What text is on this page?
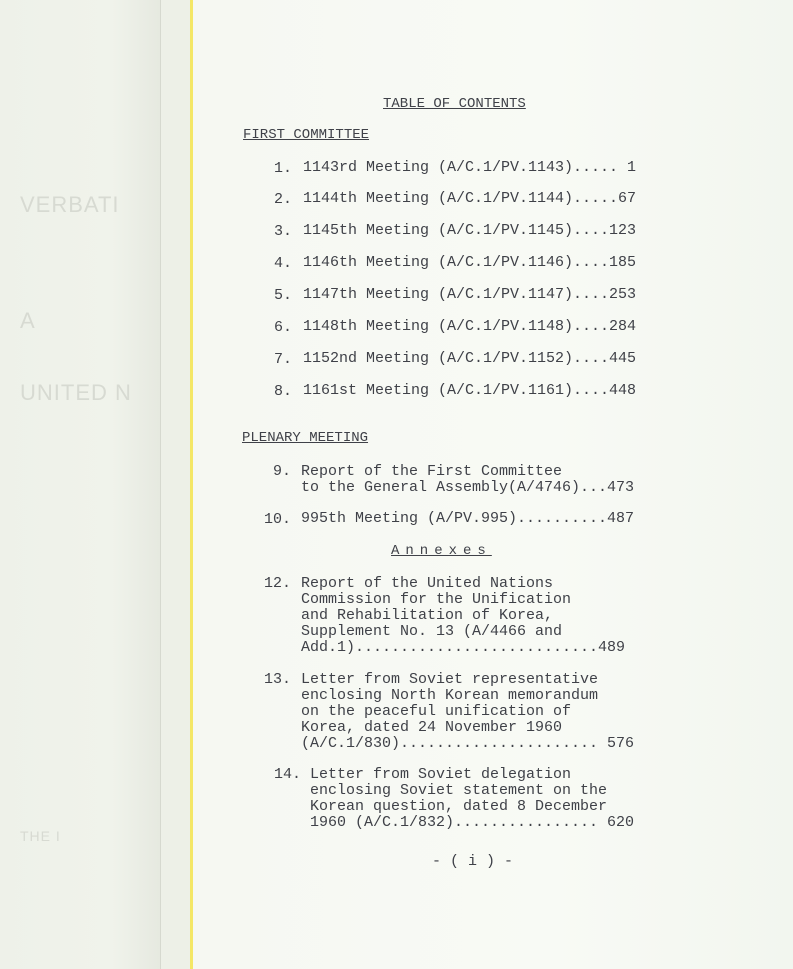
VERBATI
A
UNITED N
THE I
TABLE OF CONTENTS
FIRST COMMITTEE
1. 1143rd Meeting (A/C.1/PV.1143)..... 1
2. 1144th Meeting (A/C.1/PV.1144).....67
3. 1145th Meeting (A/C.1/PV.1145)....123
4. 1146th Meeting (A/C.1/PV.1146)....185
5. 1147th Meeting (A/C.1/PV.1147)....253
6. 1148th Meeting (A/C.1/PV.1148)....284
7. 1152nd Meeting (A/C.1/PV.1152)....445
8. 1161st Meeting (A/C.1/PV.1161)....448
PLENARY MEETING
9. Report of the First Committee
to the General Assembly(A/4746)...473
10. 995th Meeting (A/PV.995)..........487
Annexes
12. Report of the United Nations
Commission for the Unification
and Rehabilitation of Korea,
Supplement No. 13 (A/4466 and
Add.1)...........................489
13. Letter from Soviet representative
enclosing North Korean memorandum
on the peaceful unification of
Korea, dated 24 November 1960
(A/C.1/830)...................... 576
14. Letter from Soviet delegation
enclosing Soviet statement on the
Korean question, dated 8 December
1960 (A/C.1/832)................ 620
- ( i ) -
